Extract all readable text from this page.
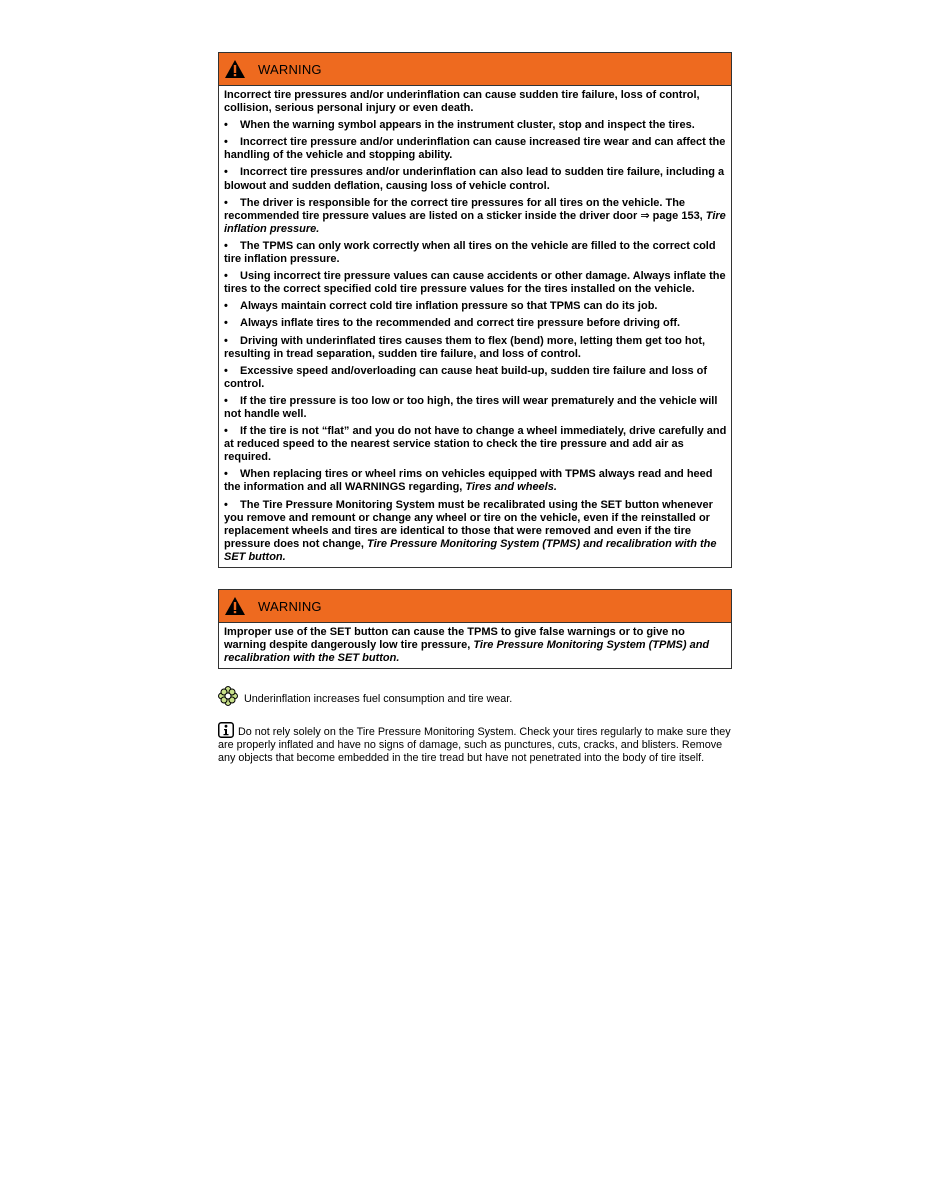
WARNING

Incorrect tire pressures and/or underinflation can cause sudden tire failure, loss of control, collision, serious personal injury or even death.

• When the warning symbol appears in the instrument cluster, stop and inspect the tires.

• Incorrect tire pressure and/or underinflation can cause increased tire wear and can affect the handling of the vehicle and stopping ability.

• Incorrect tire pressures and/or underinflation can also lead to sudden tire failure, including a blowout and sudden deflation, causing loss of vehicle control.

• The driver is responsible for the correct tire pressures for all tires on the vehicle. The recommended tire pressure values are listed on a sticker inside the driver door ⇒ page 153, Tire inflation pressure.

• The TPMS can only work correctly when all tires on the vehicle are filled to the correct cold tire inflation pressure.

• Using incorrect tire pressure values can cause accidents or other damage. Always inflate the tires to the correct specified cold tire pressure values for the tires installed on the vehicle.

• Always maintain correct cold tire inflation pressure so that TPMS can do its job.

• Always inflate tires to the recommended and correct tire pressure before driving off.

• Driving with underinflated tires causes them to flex (bend) more, letting them get too hot, resulting in tread separation, sudden tire failure, and loss of control.

• Excessive speed and/overloading can cause heat build-up, sudden tire failure and loss of control.

• If the tire pressure is too low or too high, the tires will wear prematurely and the vehicle will not handle well.

• If the tire is not “flat” and you do not have to change a wheel immediately, drive carefully and at reduced speed to the nearest service station to check the tire pressure and add air as required.

• When replacing tires or wheel rims on vehicles equipped with TPMS always read and heed the information and all WARNINGS regarding, Tires and wheels.

• The Tire Pressure Monitoring System must be recalibrated using the SET button whenever you remove and remount or change any wheel or tire on the vehicle, even if the reinstalled or replacement wheels and tires are identical to those that were removed and even if the tire pressure does not change, Tire Pressure Monitoring System (TPMS) and recalibration with the SET button.

WARNING

Improper use of the SET button can cause the TPMS to give false warnings or to give no warning despite dangerously low tire pressure, Tire Pressure Monitoring System (TPMS) and recalibration with the SET button.

Underinflation increases fuel consumption and tire wear.
Do not rely solely on the Tire Pressure Monitoring System. Check your tires regularly to make sure they are properly inflated and have no signs of damage, such as punctures, cuts, cracks, and blisters. Remove any objects that become embedded in the tire tread but have not penetrated into the body of tire itself.
